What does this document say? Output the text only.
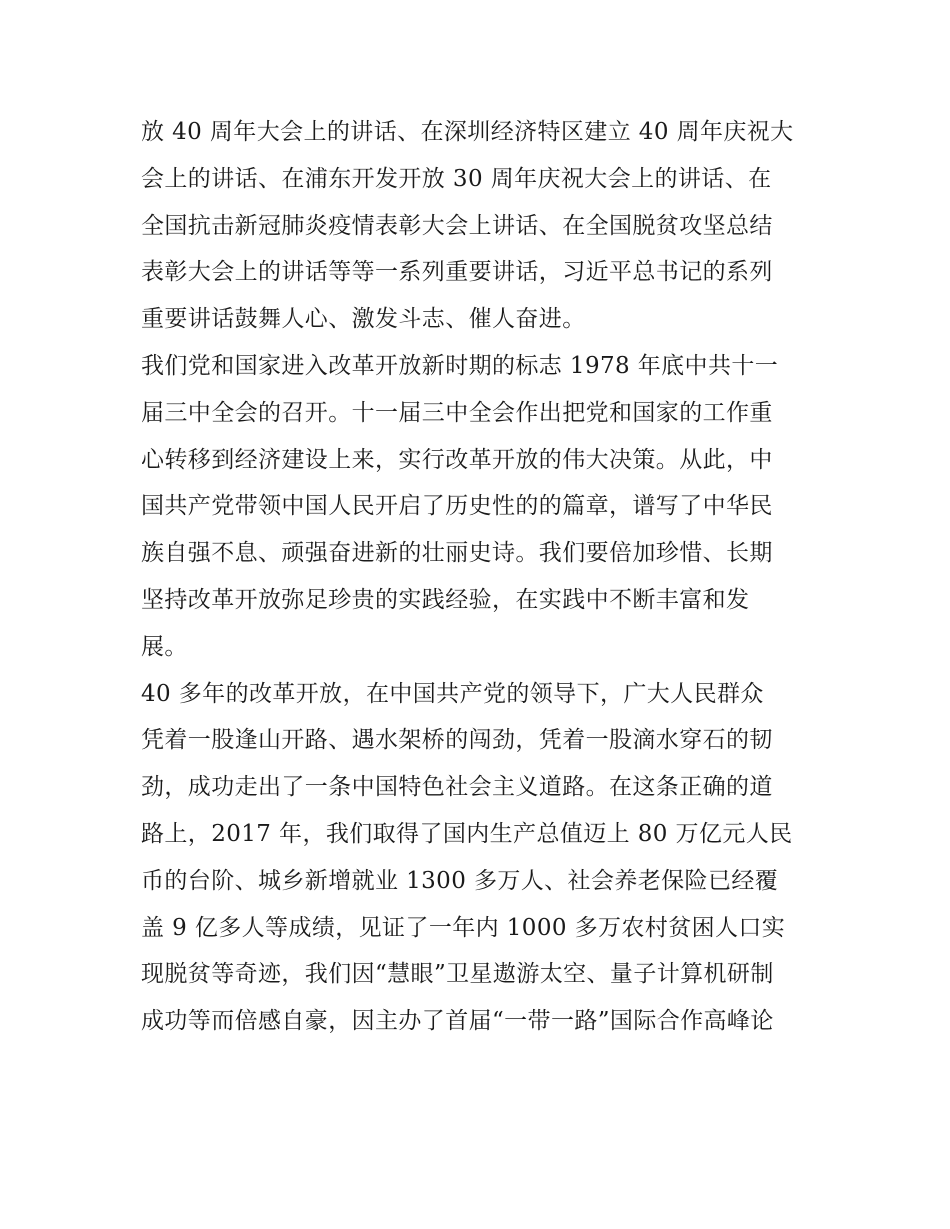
放 40 周年大会上的讲话、在深圳经济特区建立 40 周年庆祝大
会上的讲话、在浦东开发开放 30 周年庆祝大会上的讲话、在
全国抗击新冠肺炎疫情表彰大会上讲话、在全国脱贫攻坚总结
表彰大会上的讲话等等一系列重要讲话，习近平总书记的系列
重要讲话鼓舞人心、激发斗志、催人奋进。
我们党和国家进入改革开放新时期的标志 1978 年底中共十一
届三中全会的召开。十一届三中全会作出把党和国家的工作重
心转移到经济建设上来，实行改革开放的伟大决策。从此，中
国共产党带领中国人民开启了历史性的的篇章，谱写了中华民
族自强不息、顽强奋进新的壮丽史诗。我们要倍加珍惜、长期
坚持改革开放弥足珍贵的实践经验，在实践中不断丰富和发
展。
40 多年的改革开放，在中国共产党的领导下，广大人民群众
凭着一股逢山开路、遇水架桥的闯劲，凭着一股滴水穿石的韧
劲，成功走出了一条中国特色社会主义道路。在这条正确的道
路上，2017 年，我们取得了国内生产总值迈上 80 万亿元人民
币的台阶、城乡新增就业 1300 多万人、社会养老保险已经覆
盖 9 亿多人等成绩，见证了一年内 1000 多万农村贫困人口实
现脱贫等奇迹，我们因“慧眼”卫星遨游太空、量子计算机研制
成功等而倍感自豪，因主办了首届“一带一路”国际合作高峰论
